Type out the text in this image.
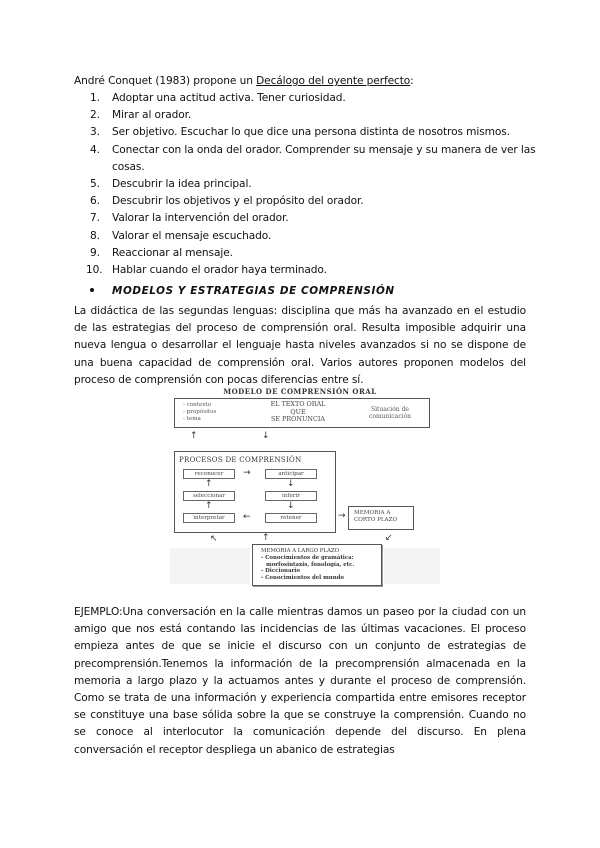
André Conquet (1983) propone un Decálogo del oyente perfecto:
1. Adoptar una actitud activa. Tener curiosidad.
2. Mirar al orador.
3. Ser objetivo. Escuchar lo que dice una persona distinta de nosotros mismos.
4. Conectar con la onda del orador. Comprender su mensaje y su manera de ver las cosas.
5. Descubrir la idea principal.
6. Descubrir los objetivos y el propósito del orador.
7. Valorar la intervención del orador.
8. Valorar el mensaje escuchado.
9. Reaccionar al mensaje.
10. Hablar cuando el orador haya terminado.
MODELOS Y ESTRATEGIAS DE COMPRENSIÓN

La didáctica de las segundas lenguas: disciplina que más ha avanzado en el estudio de las estrategias del proceso de comprensión oral. Resulta imposible adquirir una nueva lengua o desarrollar el lenguaje hasta niveles avanzados si no se dispone de una buena capacidad de comprensión oral. Varios autores proponen modelos del proceso de comprensión con pocas diferencias entre sí.

MODELO DE COMPRENSIÓN ORAL
- contexto
- propósitos
- tema
EL TEXTO ORAL
QUE
SE PRONUNCIA
Situación de
comunicación
↑	↓
PROCESOS DE COMPRENSIÓN
reconocer	→	anticipar
↑	↓
seleccionar	inferir
↑	↓
interpretar	←	retener	→ MEMORIA A
CORTO PLAZO
↖	↑	↙
MEMORIA A LARGO PLAZO
- Conocimientos de gramática:
morfosintaxis, fonología, etc.
- Diccionario
- Conocimientos del mundo

EJEMPLO:Una conversación en la calle mientras damos un paseo por la ciudad con un amigo que nos está contando las incidencias de las últimas vacaciones. El proceso empieza antes de que se inicie el discurso con un conjunto de estrategias de precomprensión.Tenemos la información de la precomprensión almacenada en la memoria a largo plazo y la actuamos antes y durante el proceso de comprensión. Como se trata de una información y experiencia compartida entre emisores receptor se constituye una base sólida sobre la que se construye la comprensión. Cuando no se conoce al interlocutor la comunicación depende del discurso. En plena conversación el receptor despliega un abanico de estrategias
